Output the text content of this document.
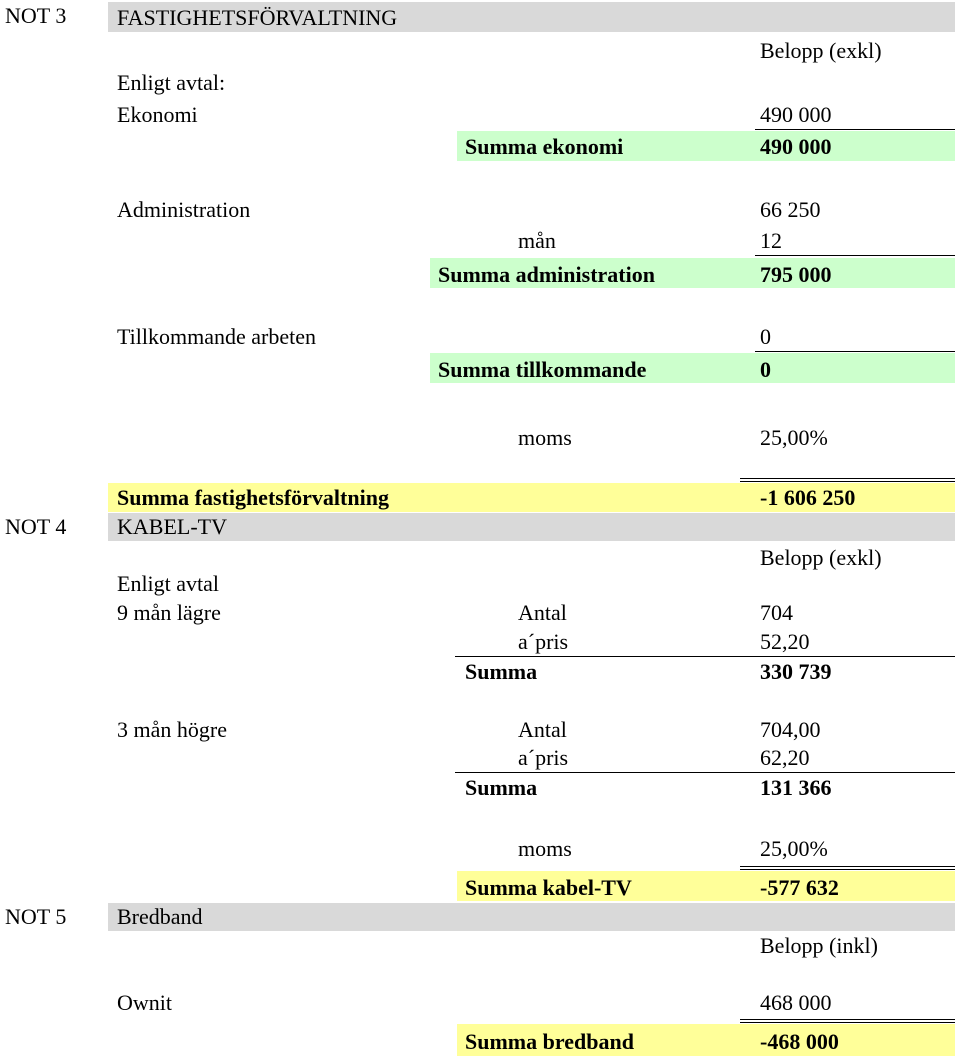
NOT 3 FASTIGHETSFÖRVALTNING
Belopp (exkl)
Enligt avtal:
Ekonomi	490 000
Summa ekonomi	490 000
Administration	66 250
mån	12
Summa administration	795 000
Tillkommande arbeten	0
Summa tillkommande	0
moms	25,00%
Summa fastighetsförvaltning	-1 606 250
NOT 4 KABEL-TV
Belopp (exkl)
Enligt avtal
9 mån lägre	Antal	704
a´pris	52,20
Summa	330 739
3 mån högre	Antal	704,00
a´pris	62,20
Summa	131 366
moms	25,00%
Summa kabel-TV	-577 632
NOT 5 Bredband
Belopp (inkl)
Ownit	468 000
Summa bredband	-468 000
